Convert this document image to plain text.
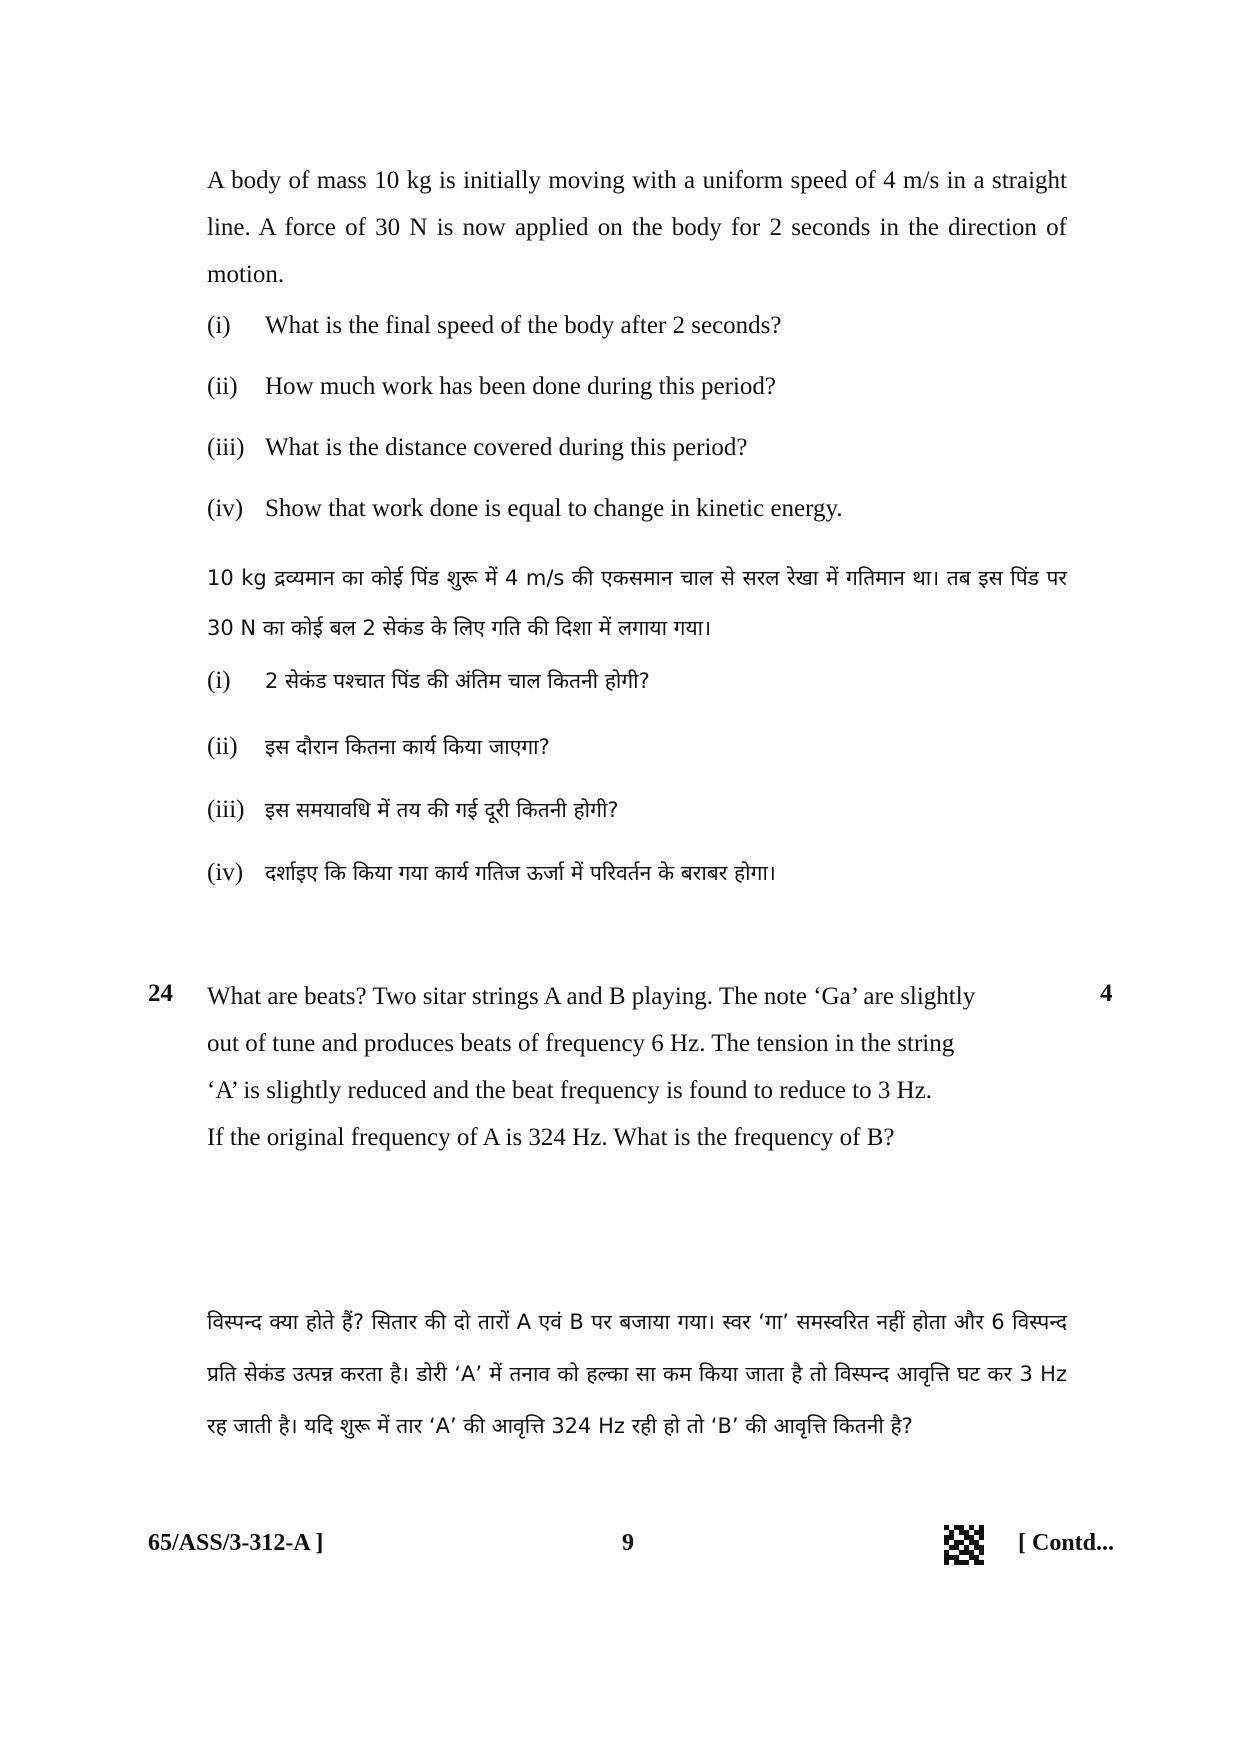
A body of mass 10 kg is initially moving with a uniform speed of 4 m/s in a straight line. A force of 30 N is now applied on the body for 2 seconds in the direction of motion.
(i)	What is the final speed of the body after 2 seconds?
(ii)	How much work has been done during this period?
(iii) What is the distance covered during this period?
(iv) Show that work done is equal to change in kinetic energy.
10 kg द्रव्यमान का कोई पिंड शुरू में 4 m/s की एकसमान चाल से सरल रेखा में गतिमान था। तब इस पिंड पर 30 N का कोई बल 2 सेकंड के लिए गति की दिशा में लगाया गया।
(i)	2 सेकंड पश्चात पिंड की अंतिम चाल कितनी होगी?
(ii)	इस दौरान कितना कार्य किया जाएगा?
(iii) इस समयावधि में तय की गई दूरी कितनी होगी?
(iv)	दर्शाइए कि किया गया कार्य गतिज ऊर्जा में परिवर्तन के बराबर होगा।
24	4
What are beats? Two sitar strings A and B playing. The note ‘Ga’ are slightly
out of tune and produces beats of frequency 6 Hz. The tension in the string
‘A’ is slightly reduced and the beat frequency is found to reduce to 3 Hz.
If the original frequency of A is 324 Hz. What is the frequency of B?
विस्पन्द क्या होते हैं? सितार की दो तारों A एवं B पर बजाया गया। स्वर ‘गा’ समस्वरित नहीं होता और 6 विस्पन्द प्रति सेकंड उत्पन्न करता है। डोरी ‘A’ में तनाव को हल्का सा कम किया जाता है तो विस्पन्द आवृत्ति घट कर 3 Hz रह जाती है। यदि शुरू में तार ‘A’ की आवृत्ति 324 Hz रही हो तो ‘B’ की आवृत्ति कितनी है?
65/ASS/3-312-A ]	9	[ Contd...
